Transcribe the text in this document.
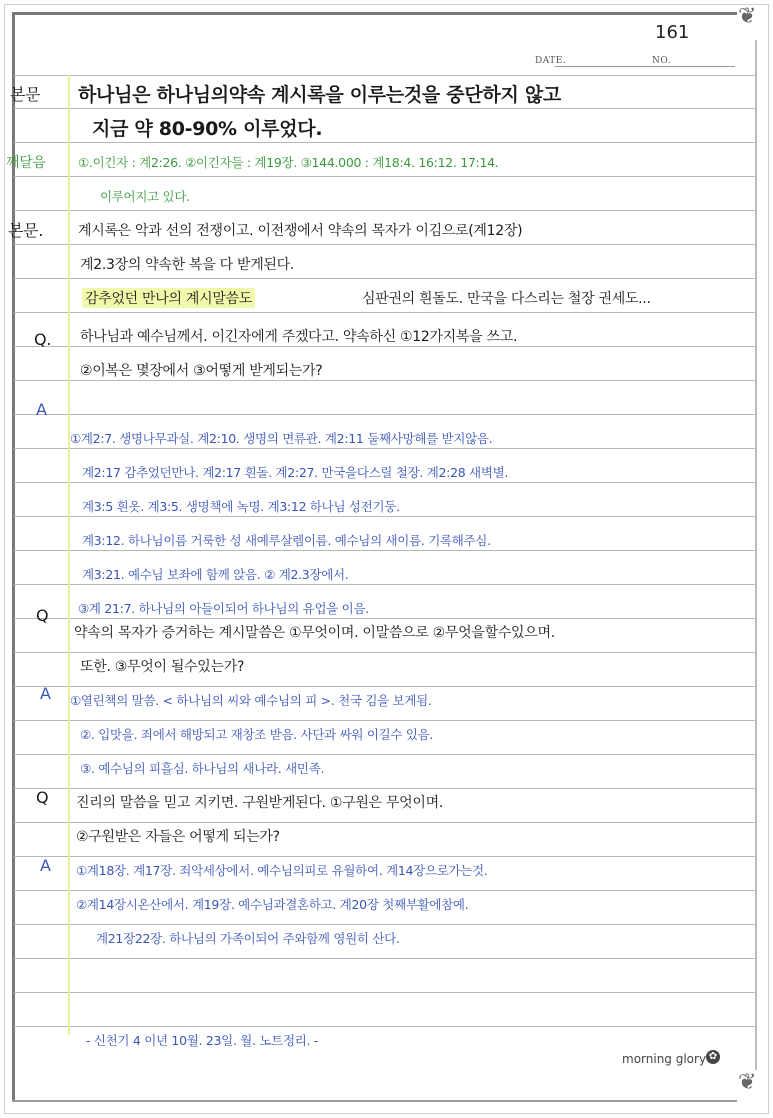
❦
❦
161
DATE.	NO.
본문 하나님은 하나님의약속 계시록을 이루는것을 중단하지 않고
지금 약 80-90% 이루었다.
깨달음	①.이긴자 : 계2:26. ②이긴자들 : 계19장. ③144.000 : 계18:4. 16:12. 17:14.
이루어지고 있다.
본문. 계시록은 악과 선의 전쟁이고. 이전쟁에서 약속의 목자가 이김으로(계12장)
계2.3장의 약속한 복을 다 받게된다.
감추었던 만나의 계시말씀도	심판권의 흰돌도. 만국을 다스리는 철장 권세도...
Q. 하나님과 예수님께서. 이긴자에게 주겠다고. 약속하신 ①12가지복을 쓰고.
②이복은 몇장에서 ③어떻게 받게되는가?
A
①계2:7. 생명나무과실. 계2:10. 생명의 면류관. 계2:11 둘째사망해를 받지않음.
계2:17 감추었던만나. 계2:17 흰돌. 계2:27. 만국을다스릴 철장. 계2:28 새벽별.
계3:5 흰옷. 계3:5. 생명책에 녹명. 계3:12 하나님 성전기둥.
계3:12. 하나님이름 거룩한 성 새예루살렘이름. 예수님의 새이름. 기록해주심.
계3:21. 예수님 보좌에 함께 앉음. ② 계2.3장에서.
③계 21:7. 하나님의 아들이되어 하나님의 유업을 이음.
Q
약속의 목자가 증거하는 계시말씀은 ①무엇이며. 이말씀으로 ②무엇을할수있으며.
또한. ③무엇이 될수있는가?
A ①열린책의 말씀. < 하나님의 씨와 예수님의 피 >. 천국 김을 보게됨.
②. 입맛을. 죄에서 해방되고 재창조 받음. 사단과 싸워 이길수 있음.
③. 예수님의 피흘심. 하나님의 새나라. 새민족.
Q 진리의 말씀을 믿고 지키면. 구원받게된다. ①구원은 무엇이며.
②구원받은 자들은 어떻게 되는가?
A ①계18장. 계17장. 죄악세상에서. 예수님의피로 유월하여. 계14장으로가는것.
②계14장시온산에서. 계19장. 예수님과결혼하고. 계20장 첫째부활에참예.
계21장22장. 하나님의 가족이되어 주와함께 영원히 산다.
- 신천기 4 이년 10월. 23일. 월. 노트정리. -
morning glory ✿
